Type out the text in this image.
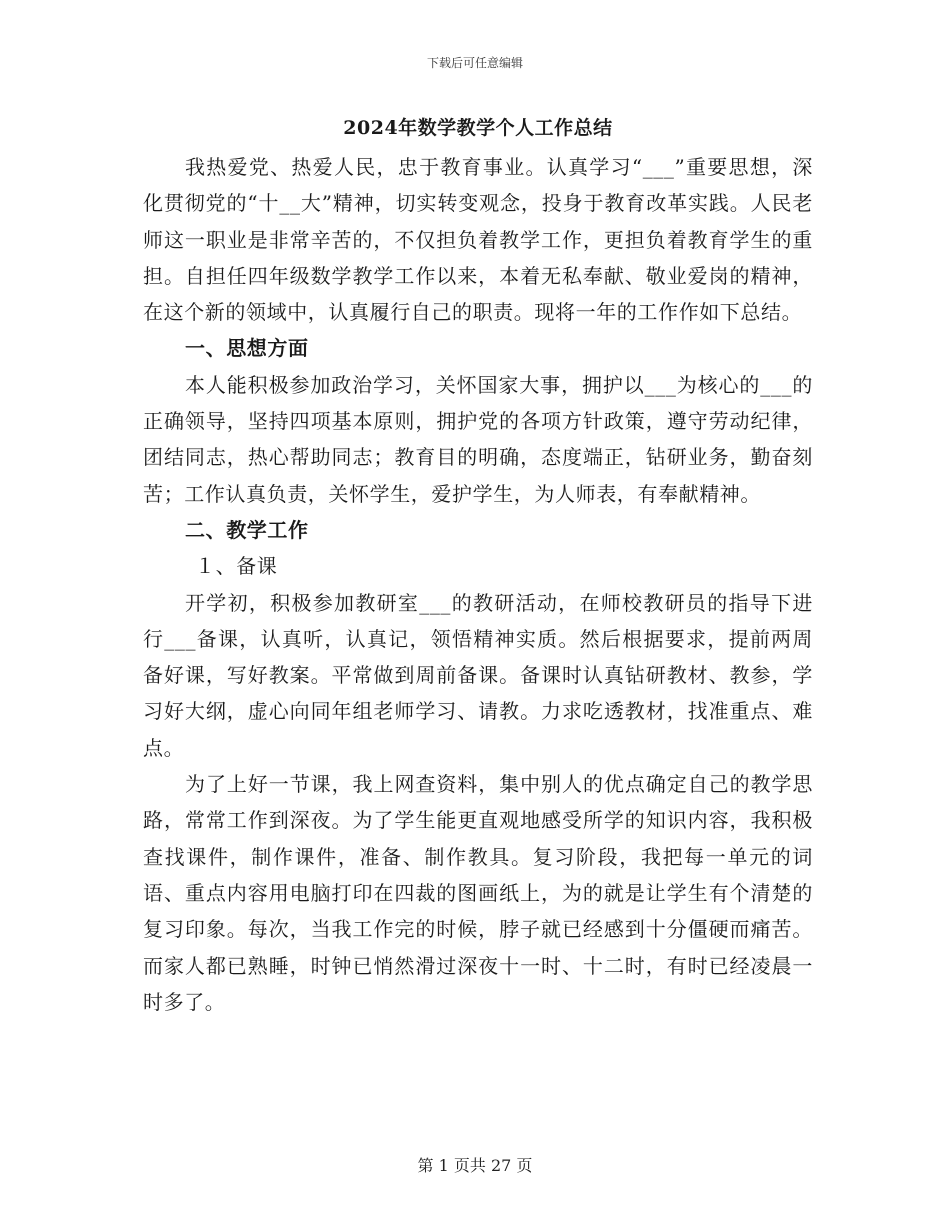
下载后可任意编辑
2024年数学教学个人工作总结

我热爱党、热爱人民，忠于教育事业。认真学习“___”重要思想，深化贯彻党的“十__大”精神，切实转变观念，投身于教育改革实践。人民老师这一职业是非常辛苦的，不仅担负着教学工作，更担负着教育学生的重担。自担任四年级数学教学工作以来，本着无私奉献、敬业爱岗的精神，在这个新的领域中，认真履行自己的职责。现将一年的工作作如下总结。

一、思想方面

本人能积极参加政治学习，关怀国家大事，拥护以___为核心的___的正确领导，坚持四项基本原则，拥护党的各项方针政策，遵守劳动纪律，团结同志，热心帮助同志；教育目的明确，态度端正，钻研业务，勤奋刻苦；工作认真负责，关怀学生，爱护学生，为人师表，有奉献精神。

二、教学工作

１、备课

开学初，积极参加教研室___的教研活动，在师校教研员的指导下进行___备课，认真听，认真记，领悟精神实质。然后根据要求，提前两周备好课，写好教案。平常做到周前备课。备课时认真钻研教材、教参，学习好大纲，虚心向同年组老师学习、请教。力求吃透教材，找准重点、难点。

为了上好一节课，我上网查资料，集中别人的优点确定自己的教学思路，常常工作到深夜。为了学生能更直观地感受所学的知识内容，我积极查找课件，制作课件，准备、制作教具。复习阶段，我把每一单元的词语、重点内容用电脑打印在四裁的图画纸上，为的就是让学生有个清楚的复习印象。每次，当我工作完的时候，脖子就已经感到十分僵硬而痛苦。而家人都已熟睡，时钟已悄然滑过深夜十一时、十二时，有时已经凌晨一时多了。

第 1 页共 27 页
